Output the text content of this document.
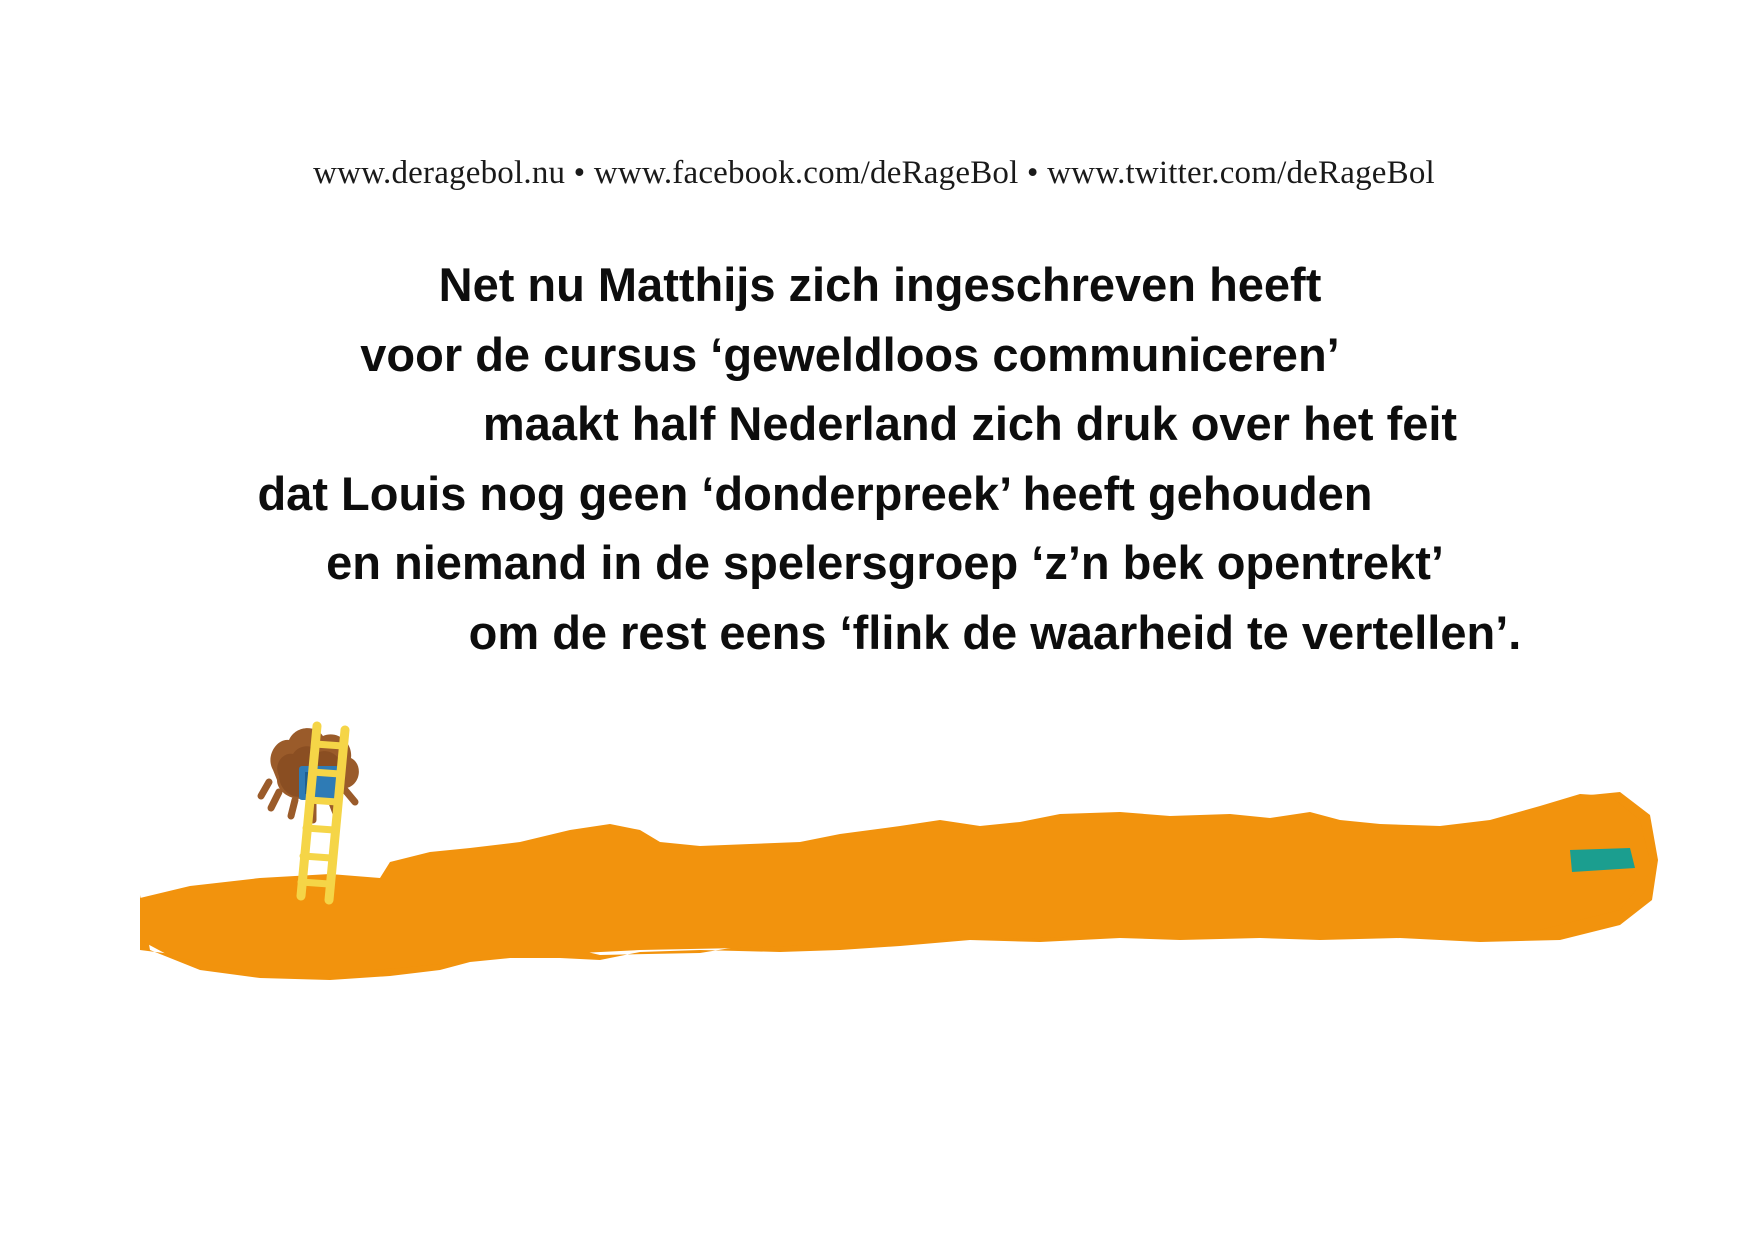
www.deragebol.nu • www.facebook.com/deRageBol • www.twitter.com/deRageBol
Net nu Matthijs zich ingeschreven heeft
voor de cursus ‘geweldloos communiceren’
maakt half Nederland zich druk over het feit
dat Louis nog geen ‘donderpreek’ heeft gehouden
en niemand in de spelersgroep ‘z’n bek opentrekt’
om de rest eens ‘flink de waarheid te vertellen’.
